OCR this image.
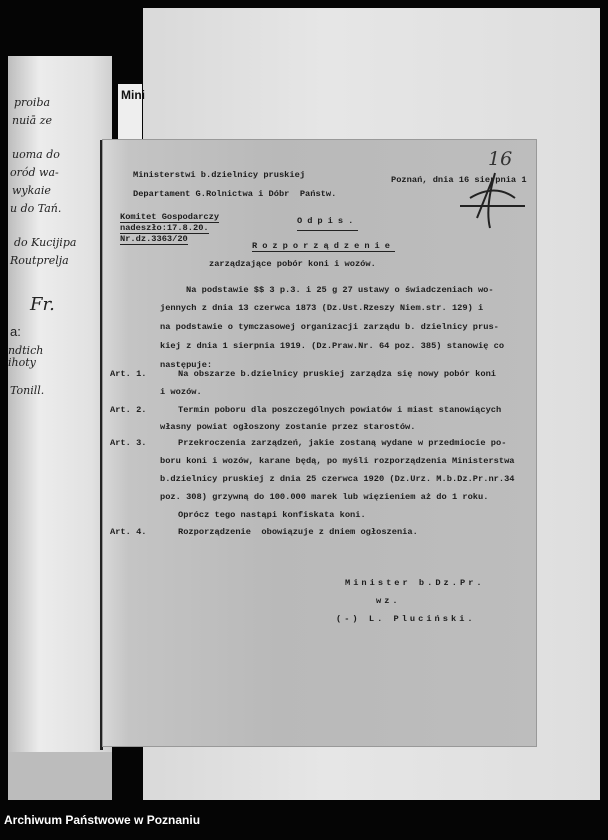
Mini
proiba
nuiā ze
uoma do
oród wa-
wykaie
u do Tań.
do Kucijipa
Routprelja
Fr.
a:
ndtich
ihoty
Tonill.
Ministerstwi b.dzielnicy pruskiej
Departament G.Rolnictwa i Dóbr  Państw.
Poznań, dnia 16 sierpnia 1
16
Komitet Gospodarczy
nadeszło:17.8.20.
Nr.dz.3363/20
Odpis.
Rozporządzenie
zarządzające pobór koni i wozów.
Na podstawie $$ 3 p.3. i 25 g 27 ustawy o świadczeniach wo-
jennych z dnia 13 czerwca 1873 (Dz.Ust.Rzeszy Niem.str. 129) i
na podstawie o tymczasowej organizacji zarządu b. dzielnicy prus-
kiej z dnia 1 sierpnia 1919. (Dz.Praw.Nr. 64 poz. 385) stanowię co
następuje:
Art. 1.	Na obszarze b.dzielnicy pruskiej zarządza się nowy pobór koni
i wozów.
Art. 2.	Termin poboru dla poszczególnych powiatów i miast stanowiących
własny powiat ogłoszony zostanie przez starostów.
Art. 3.	Przekroczenia zarządzeń, jakie zostaną wydane w przedmiocie po-
boru koni i wozów, karane będą, po myśli rozporządzenia Ministerstwa
b.dzielnicy pruskiej z dnia 25 czerwca 1920 (Dz.Urz. M.b.Dz.Pr.nr.34
poz. 308) grzywną do 100.000 marek lub więzieniem aż do 1 roku.
Oprócz tego nastąpi konfiskata koni.
Art. 4.	Rozporządzenie  obowiązuje z dniem ogłoszenia.
Minister b.Dz.Pr.
wz.
(-) L. Pluciński.
Archiwum Państwowe w Poznaniu
